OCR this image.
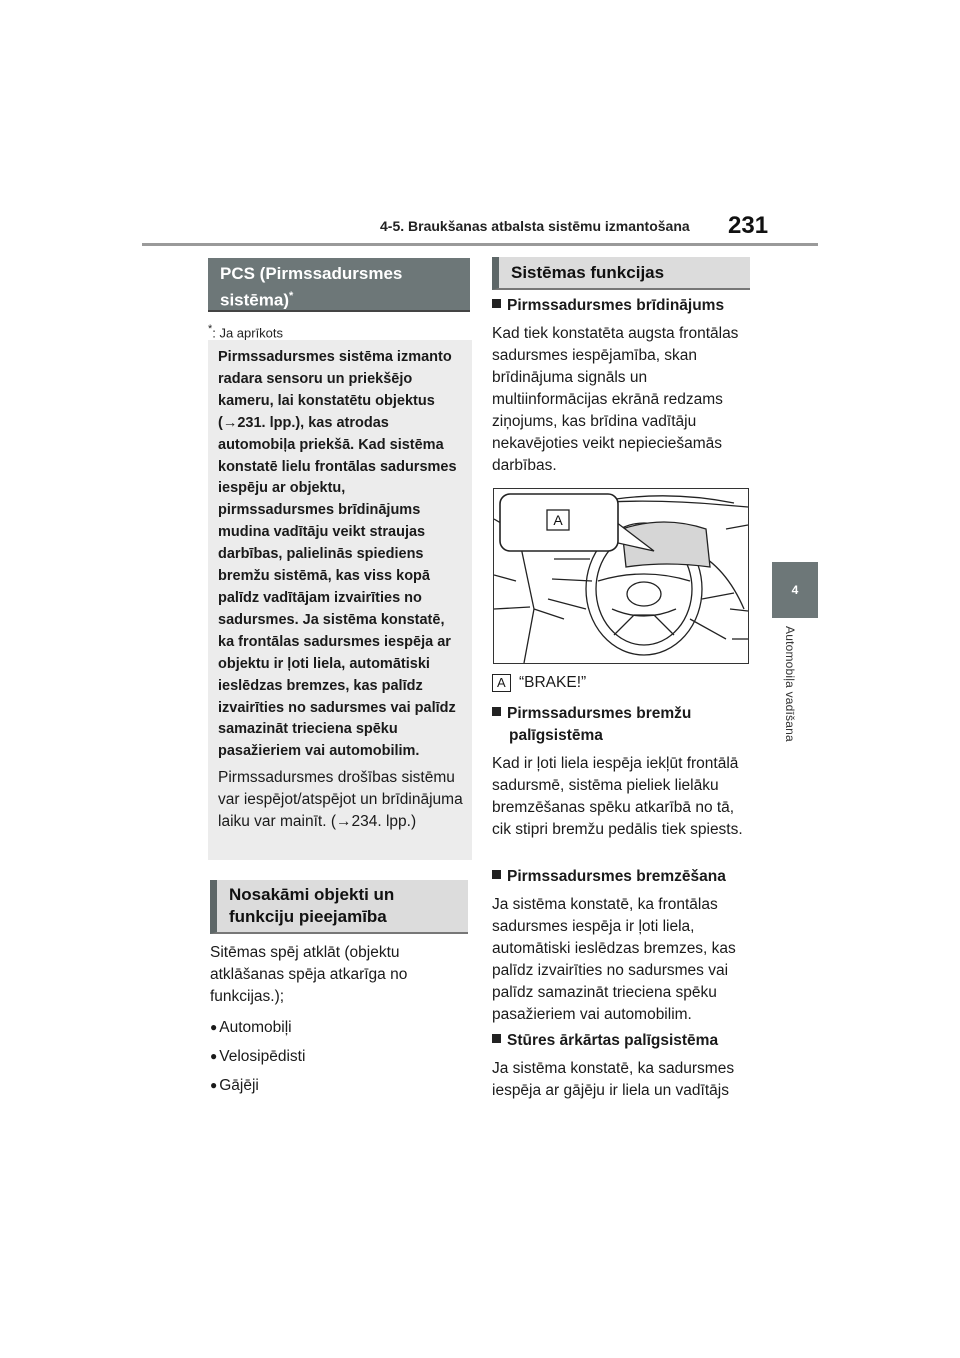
4-5. Braukšanas atbalsta sistēmu izmantošana 231
4
Automobiļa vadīšana
PCS (Pirmssadursmes sistēma)*
*: Ja aprīkots
Pirmssadursmes sistēma izmanto radara sensoru un priekšējo kameru, lai konstatētu objektus (→231. lpp.), kas atrodas automobiļa priekšā. Kad sistēma konstatē lielu frontālas sadursmes iespēju ar objektu, pirmssadursmes brīdinājums mudina vadītāju veikt straujas darbības, palielinās spiediens bremžu sistēmā, kas viss kopā palīdz vadītājam izvairīties no sadursmes. Ja sistēma konstatē, ka frontālas sadursmes iespēja ar objektu ir ļoti liela, automātiski ieslēdzas bremzes, kas palīdz izvairīties no sadursmes vai palīdz samazināt trieciena spēku pasažieriem vai automobilim.
Pirmssadursmes drošības sistēmu var iespējot/atspējot un brīdinājuma laiku var mainīt. (→234. lpp.)
Nosakāmi objekti un funkciju pieejamība
Sitēmas spēj atklāt (objektu atklāšanas spēja atkarīga no funkcijas.);
● Automobiļi
● Velosipēdisti
● Gājēji
Sistēmas funkcijas
Pirmssadursmes brīdinājums
Kad tiek konstatēta augsta frontālas sadursmes iespējamība, skan brīdinājuma signāls un multiinformācijas ekrānā redzams ziņojums, kas brīdina vadītāju nekavējoties veikt nepieciešamās darbības.
A
A “BRAKE!”
Pirmssadursmes bremžu palīgsistēma
Kad ir ļoti liela iespēja iekļūt frontālā sadursmē, sistēma pieliek lielāku bremzēšanas spēku atkarībā no tā, cik stipri bremžu pedālis tiek spiests.
Pirmssadursmes bremzēšana
Ja sistēma konstatē, ka frontālas sadursmes iespēja ir ļoti liela, automātiski ieslēdzas bremzes, kas palīdz izvairīties no sadursmes vai palīdz samazināt trieciena spēku pasažieriem vai automobilim.
Stūres ārkārtas palīgsistēma
Ja sistēma konstatē, ka sadursmes iespēja ar gājēju ir liela un vadītājs
